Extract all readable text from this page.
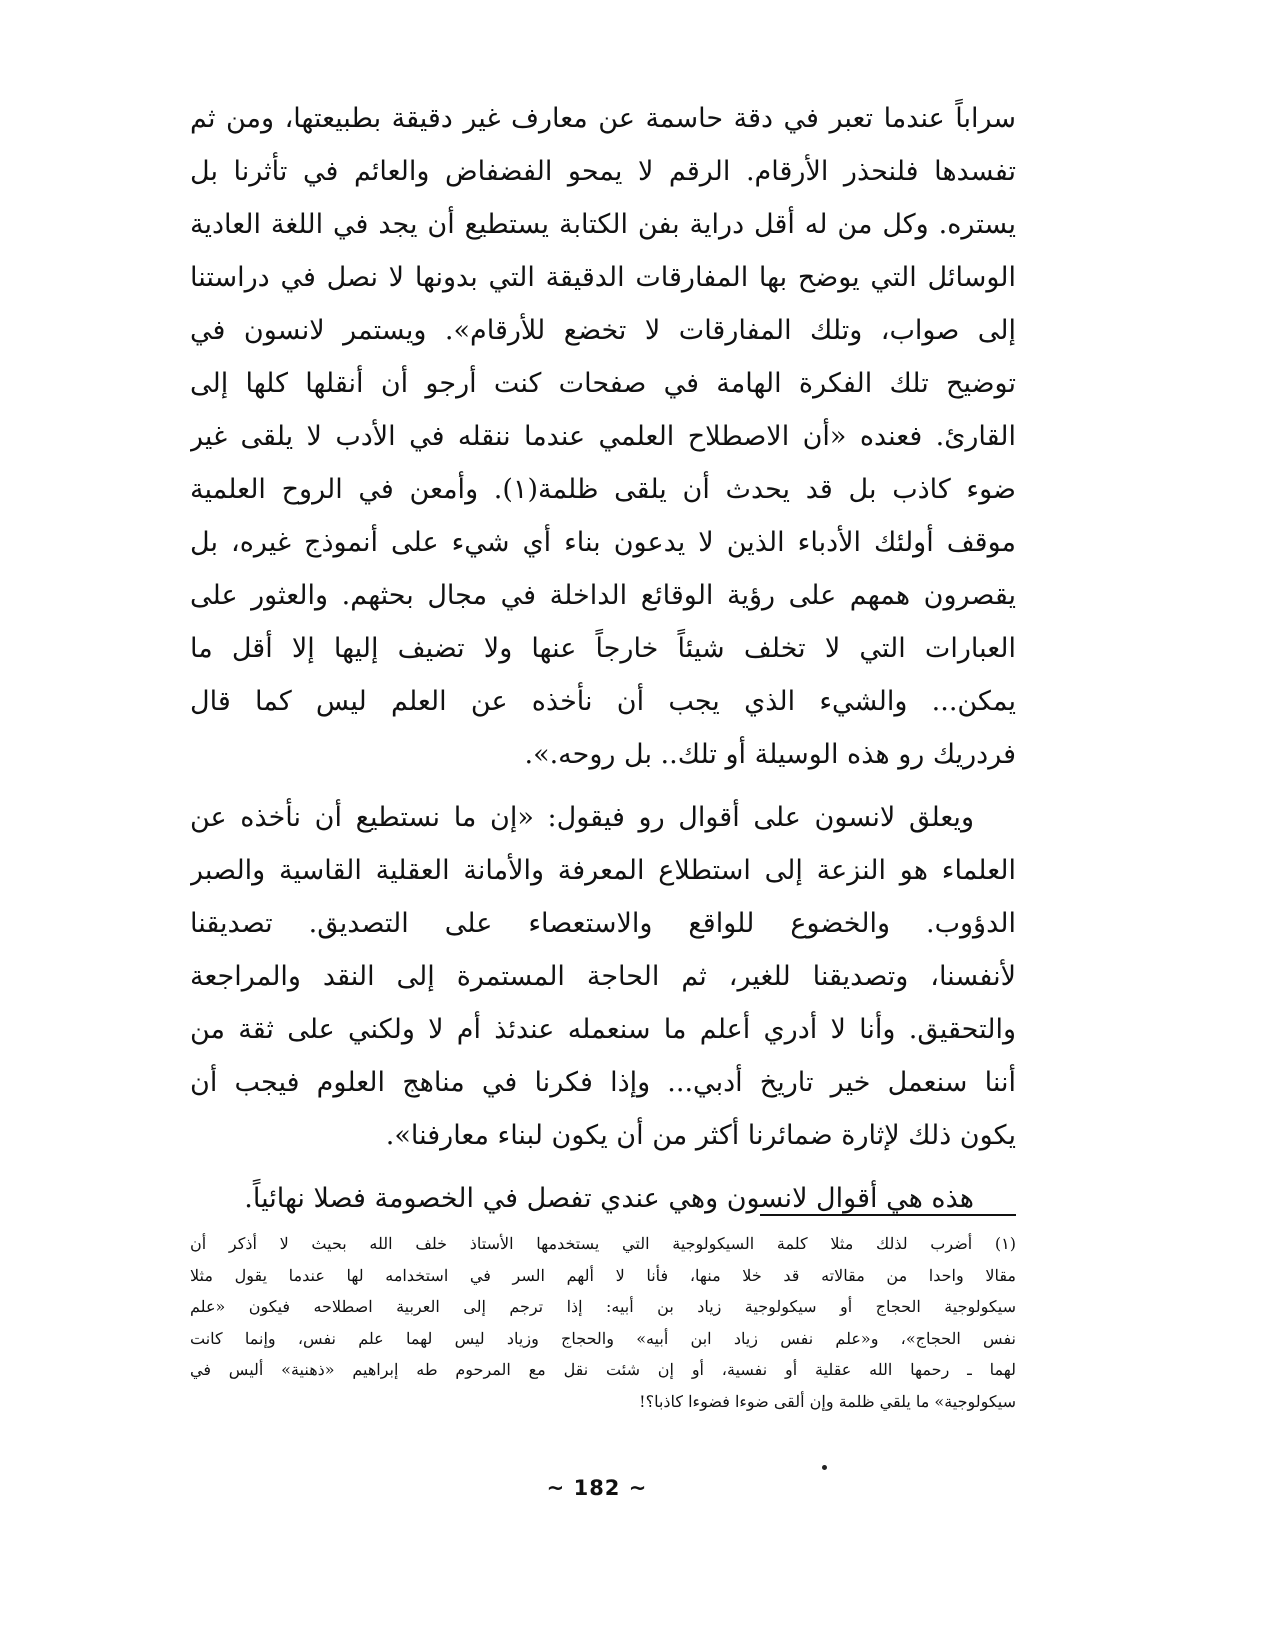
سراباً عندما تعبر في دقة حاسمة عن معارف غير دقيقة بطبيعتها، ومن ثم
تفسدها فلنحذر الأرقام. الرقم لا يمحو الفضفاض والعائم في تأثرنا بل
يستره. وكل من له أقل دراية بفن الكتابة يستطيع أن يجد في اللغة العادية
الوسائل التي يوضح بها المفارقات الدقيقة التي بدونها لا نصل في دراستنا
إلى صواب، وتلك المفارقات لا تخضع للأرقام». ويستمر لانسون في
توضيح تلك الفكرة الهامة في صفحات كنت أرجو أن أنقلها كلها إلى
القارئ. فعنده «أن الاصطلاح العلمي عندما ننقله في الأدب لا يلقى غير
ضوء كاذب بل قد يحدث أن يلقى ظلمة(١). وأمعن في الروح العلمية
موقف أولئك الأدباء الذين لا يدعون بناء أي شيء على أنموذج غيره، بل
يقصرون همهم على رؤية الوقائع الداخلة في مجال بحثهم. والعثور على
العبارات التي لا تخلف شيئاً خارجاً عنها ولا تضيف إليها إلا أقل ما
يمكن... والشيء الذي يجب أن نأخذه عن العلم ليس كما قال
فردريك رو هذه الوسيلة أو تلك.. بل روحه.».
ويعلق لانسون على أقوال رو فيقول: «إن ما نستطيع أن نأخذه عن
العلماء هو النزعة إلى استطلاع المعرفة والأمانة العقلية القاسية والصبر
الدؤوب. والخضوع للواقع والاستعصاء على التصديق. تصديقنا
لأنفسنا، وتصديقنا للغير، ثم الحاجة المستمرة إلى النقد والمراجعة
والتحقيق. وأنا لا أدري أعلم ما سنعمله عندئذ أم لا ولكني على ثقة من
أننا سنعمل خير تاريخ أدبي... وإذا فكرنا في مناهج العلوم فيجب أن
يكون ذلك لإثارة ضمائرنا أكثر من أن يكون لبناء معارفنا».
هذه هي أقوال لانسون وهي عندي تفصل في الخصومة فصلا نهائياً.
(١) أضرب لذلك مثلا كلمة السيكولوجية التي يستخدمها الأستاذ خلف الله بحيث لا أذكر أن
مقالا واحدا من مقالاته قد خلا منها، فأنا لا ألهم السر في استخدامه لها عندما يقول مثلا
سيكولوجية الحجاج أو سيكولوجية زياد بن أبيه: إذا ترجم إلى العربية اصطلاحه فيكون «علم
نفس الحجاج»، و«علم نفس زياد ابن أبيه» والحجاج وزياد ليس لهما علم نفس، وإنما كانت
لهما ـ رحمها الله عقلية أو نفسية، أو إن شئت نقل مع المرحوم طه إبراهيم «ذهنية» أليس في
سيكولوجية» ما يلقي ظلمة وإن ألقى ضوءا فضوءا كاذبا؟!
~ 182 ~
